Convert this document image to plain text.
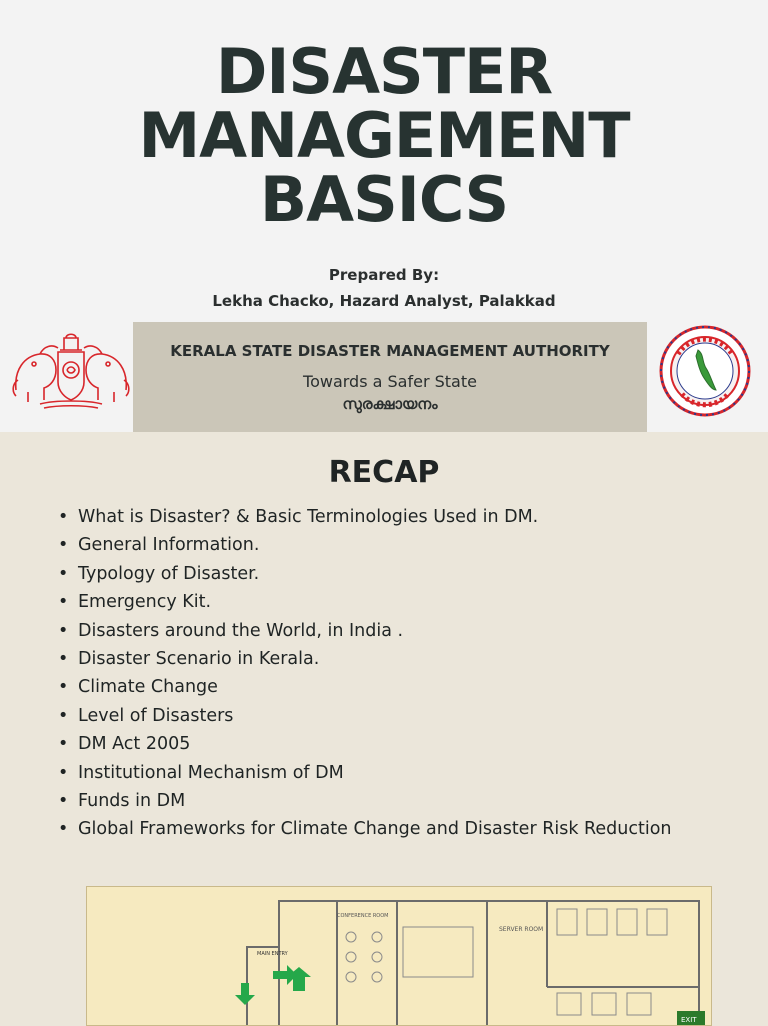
DISASTER
MANAGEMENT
BASICS
Prepared By:
Lekha Chacko, Hazard Analyst, Palakkad
KERALA STATE DISASTER MANAGEMENT AUTHORITY
Towards a Safer State
സുരക്ഷായനം
RECAP
• What is Disaster? & Basic Terminologies Used in DM.
• General Information.
• Typology of Disaster.
• Emergency Kit.
• Disasters around the World, in India .
• Disaster Scenario in Kerala.
• Climate Change
• Level of Disasters
• DM Act 2005
• Institutional Mechanism of DM
• Funds in DM
• Global Frameworks for Climate Change and Disaster Risk Reduction
CONFERENCE ROOM
SERVER ROOM
MAIN ENTRY
EXIT
